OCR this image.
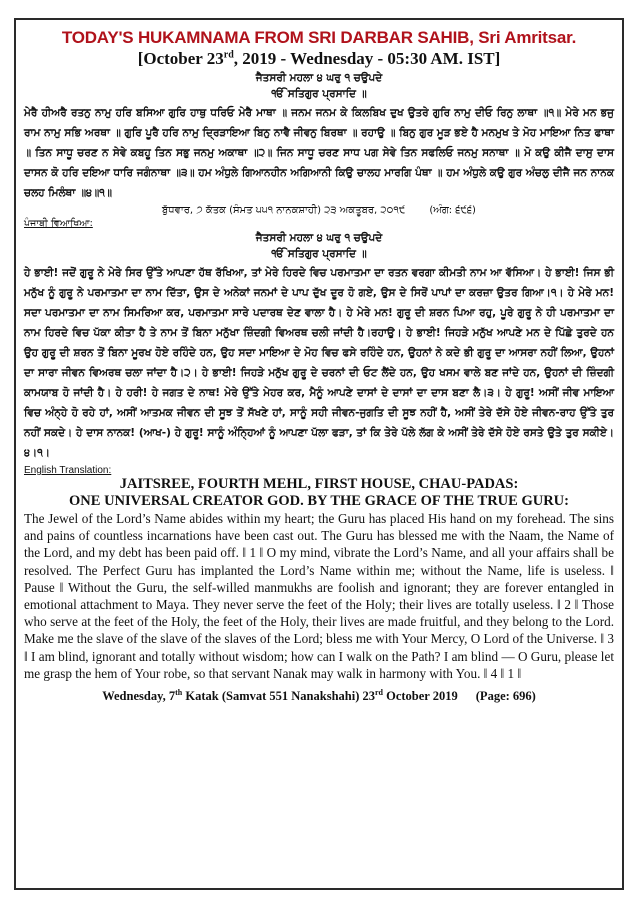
TODAY'S HUKAMNAMA FROM SRI DARBAR SAHIB, Sri Amritsar.
[October 23rd, 2019 - Wednesday - 05:30 AM. IST]
ਜੈਤਸਰੀ ਮਹਲਾ ੪ ਘਰੁ ੧ ਚਉਪਦੇ
ੴ ਸਤਿਗੁਰ ਪ੍ਰਸਾਦਿ ॥
ਮੇਰੈ ਹੀਅਰੈ ਰਤਨੁ ਨਾਮੁ ਹਰਿ ਬਸਿਆ ਗੁਰਿ ਹਾਥੁ ਧਰਿਓ ਮੇਰੈ ਮਾਥਾ ॥ ਜਨਮ ਜਨਮ ਕੇ ਕਿਲਬਿਖ ਦੁਖ ਉਤਰੇ ਗੁਰਿ ਨਾਮੁ ਦੀਓ ਰਿਨੁ ਲਾਥਾ ॥੧॥ ਮੇਰੇ ਮਨ ਭਜੁ ਰਾਮ ਨਾਮੁ ਸਭਿ ਅਰਥਾ ॥ ਗੁਰਿ ਪੂਰੈ ਹਰਿ ਨਾਮੁ ਦ੍ਰਿੜਾਇਆ ਬਿਨੁ ਨਾਵੈ ਜੀਵਨੁ ਬਿਰਥਾ ॥ ਰਹਾਉ ॥ ਬਿਨੁ ਗੁਰ ਮੂੜ ਭਏ ਹੈ ਮਨਮੁਖ ਤੇ ਮੋਹ ਮਾਇਆ ਨਿਤ ਫਾਥਾ ॥ ਤਿਨ ਸਾਧੂ ਚਰਣ ਨ ਸੇਵੇ ਕਬਹੂ ਤਿਨ ਸਭੁ ਜਨਮੁ ਅਕਾਥਾ ॥੨॥ ਜਿਨ ਸਾਧੂ ਚਰਣ ਸਾਧ ਪਗ ਸੇਵੇ ਤਿਨ ਸਫਲਿਓ ਜਨਮੁ ਸਨਾਥਾ ॥ ਮੋ ਕਉ ਕੀਜੈ ਦਾਸੁ ਦਾਸ ਦਾਸਨ ਕੋ ਹਰਿ ਦਇਆ ਧਾਰਿ ਜਗੰਨਾਥਾ ॥੩॥ ਹਮ ਅੰਧੁਲੇ ਗਿਆਨਹੀਨ ਅਗਿਆਨੀ ਕਿਉ ਚਾਲਹ ਮਾਰਗਿ ਪੰਥਾ ॥ ਹਮ ਅੰਧੁਲੇ ਕਉ ਗੁਰ ਅੰਚਲੁ ਦੀਜੈ ਜਨ ਨਾਨਕ ਚਲਹ ਮਿਲੰਥਾ ॥੪॥੧॥
ਬੁੱਧਵਾਰ, ੭ ਕੱਤਕ (ਸੰਮਤ ੫੫੧ ਨਾਨਕਸ਼ਾਹੀ) ੨੩ ਅਕਤੂਬਰ, ੨੦੧੯ (ਅੰਗ: ੬੯੬)
ਪੰਜਾਬੀ ਵਿਆਖਿਆ:
ਜੈਤਸਰੀ ਮਹਲਾ ੪ ਘਰੁ ੧ ਚਉਪਦੇ
ੴ ਸਤਿਗੁਰ ਪ੍ਰਸਾਦਿ ॥
ਹੇ ਭਾਈ! ਜਦੋਂ ਗੁਰੂ ਨੇ ਮੇਰੇ ਸਿਰ ਉੱਤੇ ਆਪਣਾ ਹੱਥ ਰੱਖਿਆ, ਤਾਂ ਮੇਰੇ ਹਿਰਦੇ ਵਿਚ ਪਰਮਾਤਮਾ ਦਾ ਰਤਨ ਵਰਗਾ ਕੀਮਤੀ ਨਾਮ ਆ ਵੱਸਿਆ। ਹੇ ਭਾਈ! ਜਿਸ ਭੀ ਮਨੁੱਖ ਨੂੰ ਗੁਰੂ ਨੇ ਪਰਮਾਤਮਾ ਦਾ ਨਾਮ ਦਿੱਤਾ, ਉਸ ਦੇ ਅਨੇਕਾਂ ਜਨਮਾਂ ਦੇ ਪਾਪ ਦੁੱਖ ਦੂਰ ਹੋ ਗਏ, ਉਸ ਦੇ ਸਿਰੋਂ ਪਾਪਾਂ ਦਾ ਕਰਜ਼ਾ ਉਤਰ ਗਿਆ।੧। ਹੇ ਮੇਰੇ ਮਨ! ਸਦਾ ਪਰਮਾਤਮਾ ਦਾ ਨਾਮ ਸਿਮਰਿਆ ਕਰ, ਪਰਮਾਤਮਾ ਸਾਰੇ ਪਦਾਰਥ ਦੇਣ ਵਾਲਾ ਹੈ। ਹੇ ਮੇਰੇ ਮਨ! ਗੁਰੂ ਦੀ ਸ਼ਰਨ ਪਿਆ ਰਹੁ, ਪੂਰੇ ਗੁਰੂ ਨੇ ਹੀ ਪਰਮਾਤਮਾ ਦਾ ਨਾਮ ਹਿਰਦੇ ਵਿਚ ਪੱਕਾ ਕੀਤਾ ਹੈ ਤੇ ਨਾਮ ਤੋਂ ਬਿਨਾ ਮਨੁੱਖਾ ਜ਼ਿੰਦਗੀ ਵਿਅਰਥ ਚਲੀ ਜਾਂਦੀ ਹੈ।ਰਹਾਉ। ਹੇ ਭਾਈ! ਜਿਹੜੇ ਮਨੁੱਖ ਆਪਣੇ ਮਨ ਦੇ ਪਿੱਛੇ ਤੁਰਦੇ ਹਨ ਉਹ ਗੁਰੂ ਦੀ ਸ਼ਰਨ ਤੋਂ ਬਿਨਾ ਮੂਰਖ ਹੋਏ ਰਹਿੰਦੇ ਹਨ, ਉਹ ਸਦਾ ਮਾਇਆ ਦੇ ਮੋਹ ਵਿਚ ਫਸੇ ਰਹਿੰਦੇ ਹਨ, ਉਹਨਾਂ ਨੇ ਕਦੇ ਭੀ ਗੁਰੂ ਦਾ ਆਸਰਾ ਨਹੀਂ ਲਿਆ, ਉਹਨਾਂ ਦਾ ਸਾਰਾ ਜੀਵਨ ਵਿਅਰਥ ਚਲਾ ਜਾਂਦਾ ਹੈ।੨। ਹੇ ਭਾਈ! ਜਿਹੜੇ ਮਨੁੱਖ ਗੁਰੂ ਦੇ ਚਰਨਾਂ ਦੀ ਓਟ ਲੈਂਦੇ ਹਨ, ਉਹ ਖਸਮ ਵਾਲੇ ਬਣ ਜਾਂਦੇ ਹਨ, ਉਹਨਾਂ ਦੀ ਜ਼ਿੰਦਗੀ ਕਾਮਯਾਬ ਹੋ ਜਾਂਦੀ ਹੈ। ਹੇ ਹਰੀ! ਹੇ ਜਗਤ ਦੇ ਨਾਥ! ਮੇਰੇ ਉੱਤੇ ਮੇਹਰ ਕਰ, ਮੈਨੂੰ ਆਪਣੇ ਦਾਸਾਂ ਦੇ ਦਾਸਾਂ ਦਾ ਦਾਸ ਬਣਾ ਲੈ।੩। ਹੇ ਗੁਰੂ! ਅਸੀਂ ਜੀਵ ਮਾਇਆ ਵਿਚ ਅੰਨ੍ਹੇ ਹੋ ਰਹੇ ਹਾਂ, ਅਸੀਂ ਆਤਮਕ ਜੀਵਨ ਦੀ ਸੂਝ ਤੋਂ ਸੱਖਣੇ ਹਾਂ, ਸਾਨੂੰ ਸਹੀ ਜੀਵਨ-ਜੁਗਤਿ ਦੀ ਸੂਝ ਨਹੀਂ ਹੈ, ਅਸੀਂ ਤੇਰੇ ਦੱਸੇ ਹੋਏ ਜੀਵਨ-ਰਾਹ ਉੱਤੇ ਤੁਰ ਨਹੀਂ ਸਕਦੇ। ਹੇ ਦਾਸ ਨਾਨਕ! (ਆਖ-) ਹੇ ਗੁਰੂ! ਸਾਨੂੰ ਅੰਨ੍ਹਿਆਂ ਨੂੰ ਆਪਣਾ ਪੱਲਾ ਫੜਾ, ਤਾਂ ਕਿ ਤੇਰੇ ਪੱਲੇ ਲੱਗ ਕੇ ਅਸੀਂ ਤੇਰੇ ਦੱਸੇ ਹੋਏ ਰਸਤੇ ਉਤੇ ਤੁਰ ਸਕੀਏ।੪।੧।
English Translation:
JAITSREE, FOURTH MEHL, FIRST HOUSE, CHAU-PADAS:
ONE UNIVERSAL CREATOR GOD. BY THE GRACE OF THE TRUE GURU:
The Jewel of the Lord’s Name abides within my heart; the Guru has placed His hand on my forehead. The sins and pains of countless incarnations have been cast out. The Guru has blessed me with the Naam, the Name of the Lord, and my debt has been paid off. ‖ 1 ‖ O my mind, vibrate the Lord’s Name, and all your affairs shall be resolved. The Perfect Guru has implanted the Lord’s Name within me; without the Name, life is useless. ‖ Pause ‖ Without the Guru, the self-willed manmukhs are foolish and ignorant; they are forever entangled in emotional attachment to Maya. They never serve the feet of the Holy; their lives are totally useless. ‖ 2 ‖ Those who serve at the feet of the Holy, the feet of the Holy, their lives are made fruitful, and they belong to the Lord. Make me the slave of the slave of the slaves of the Lord; bless me with Your Mercy, O Lord of the Universe. ‖ 3 ‖ I am blind, ignorant and totally without wisdom; how can I walk on the Path? I am blind — O Guru, please let me grasp the hem of Your robe, so that servant Nanak may walk in harmony with You. ‖ 4 ‖ 1 ‖
Wednesday, 7th Katak (Samvat 551 Nanakshahi) 23rd October 2019 (Page: 696)
